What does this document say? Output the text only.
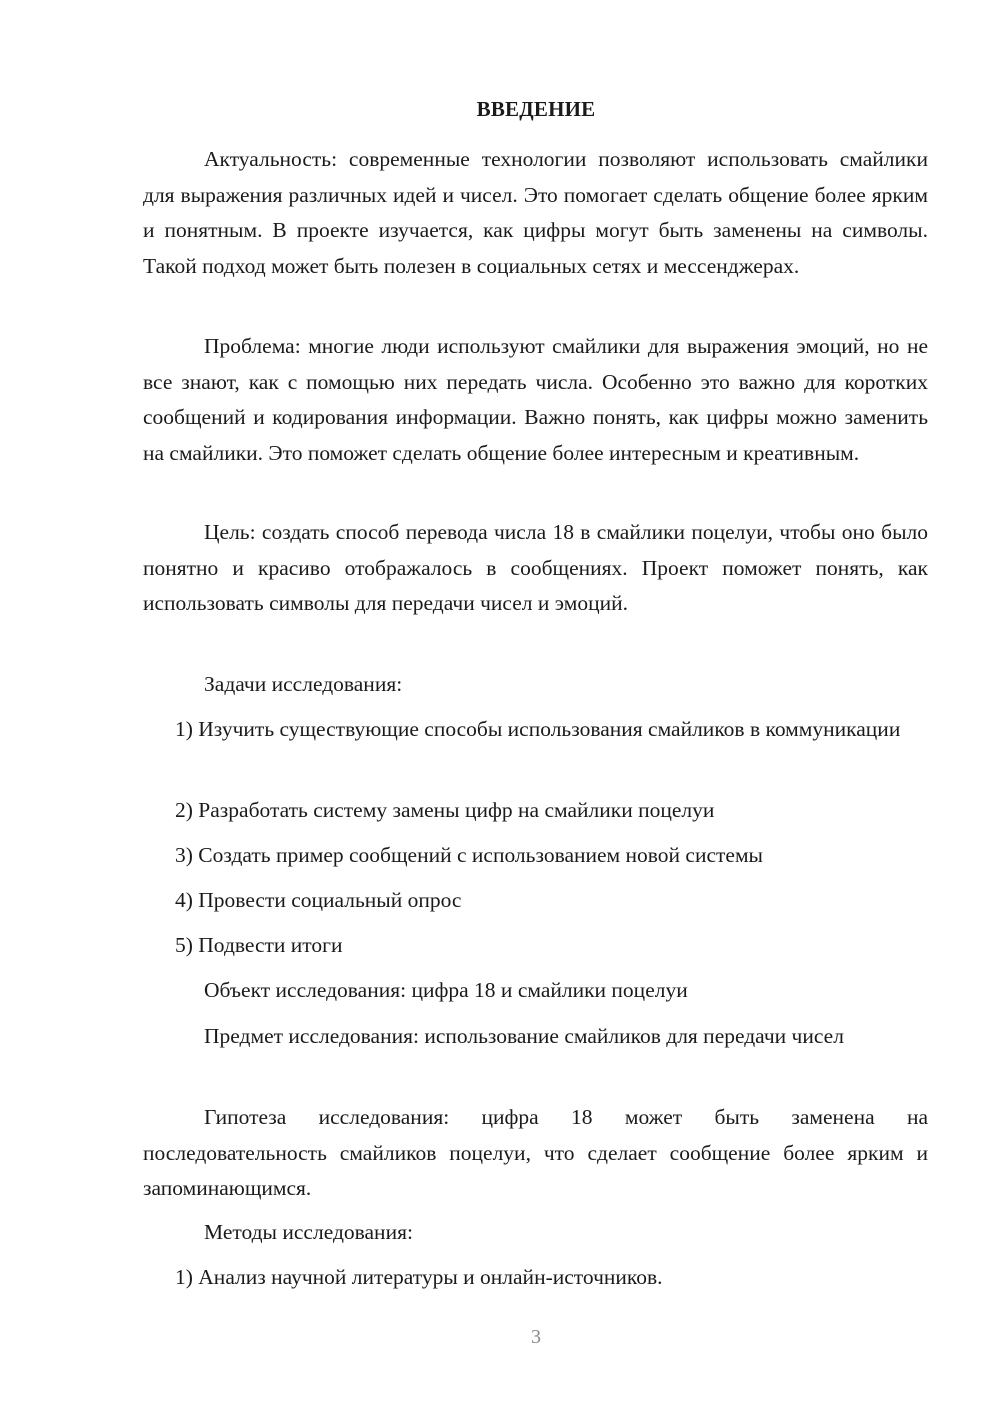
ВВЕДЕНИЕ

Актуальность: современные технологии позволяют использовать смайлики для выражения различных идей и чисел. Это помогает сделать общение более ярким и понятным. В проекте изучается, как цифры могут быть заменены на символы. Такой подход может быть полезен в социальных сетях и мессенджерах.

Проблема: многие люди используют смайлики для выражения эмоций, но не все знают, как с помощью них передать числа. Особенно это важно для коротких сообщений и кодирования информации. Важно понять, как цифры можно заменить на смайлики. Это поможет сделать общение более интересным и креативным.

Цель: создать способ перевода числа 18 в смайлики поцелуи, чтобы оно было понятно и красиво отображалось в сообщениях. Проект поможет понять, как использовать символы для передачи чисел и эмоций.

Задачи исследования:

1) Изучить существующие способы использования смайликов в коммуникации

2) Разработать систему замены цифр на смайлики поцелуи
3) Создать пример сообщений с использованием новой системы
4) Провести социальный опрос
5) Подвести итоги
Объект исследования: цифра 18 и смайлики поцелуи

Предмет исследования: использование смайликов для передачи чисел

Гипотеза исследования: цифра 18 может быть заменена на последовательность смайликов поцелуи, что сделает сообщение более ярким и запоминающимся.

Методы исследования:
1) Анализ научной литературы и онлайн-источников.
3
